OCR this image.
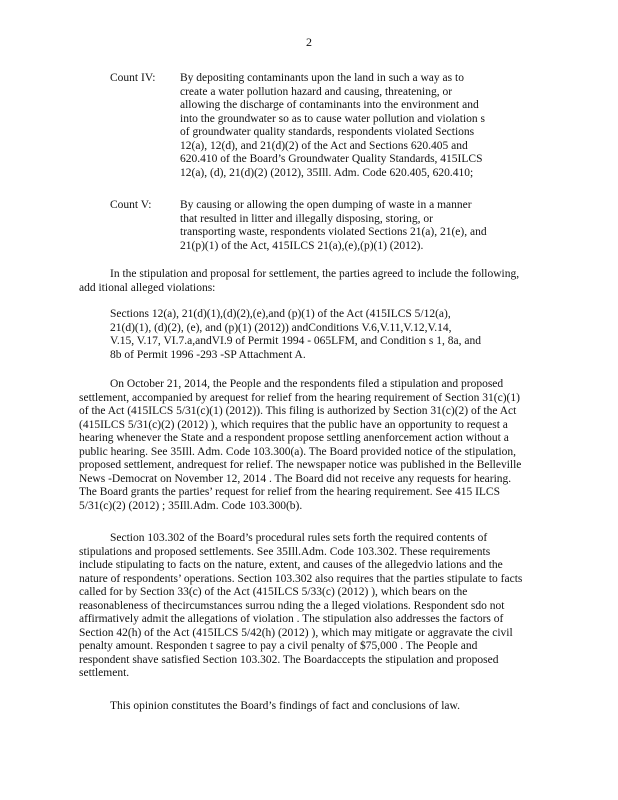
2
Count IV:	By depositing contaminants upon the land in such a way as to
create a water pollution hazard and causing, threatening, or
allowing the discharge of contaminants into the environment and
into the groundwater so as to cause water pollution and violation s
of groundwater quality standards, respondents violated Sections
12(a), 12(d), and 21(d)(2) of the Act and Sections 620.405 and
620.410 of the Board’s Groundwater Quality Standards, 415ILCS
12(a), (d), 21(d)(2) (2012), 35Ill. Adm. Code 620.405, 620.410;
Count V:	By causing or allowing the open dumping of waste in a manner
that resulted in litter and illegally disposing, storing, or
transporting waste, respondents violated Sections 21(a), 21(e), and
21(p)(1) of the Act, 415ILCS 21(a),(e),(p)(1) (2012).
In the stipulation and proposal for settlement, the parties agreed to include the following,
add itional alleged violations:
Sections 12(a), 21(d)(1),(d)(2),(e),and (p)(1) of the Act (415ILCS 5/12(a),
21(d)(1), (d)(2), (e), and (p)(1) (2012)) andConditions V.6,V.11,V.12,V.14,
V.15, V.17, VI.7.a,andVI.9 of Permit 1994 - 065LFM, and Condition s 1, 8a, and
8b of Permit 1996 -293 -SP Attachment A.
On October 21, 2014, the People and the respondents filed a stipulation and proposed
settlement, accompanied by arequest for relief from the hearing requirement of Section 31(c)(1)
of the Act (415ILCS 5/31(c)(1) (2012)). This filing is authorized by Section 31(c)(2) of the Act
(415ILCS 5/31(c)(2) (2012) ), which requires that the public have an opportunity to request a
hearing whenever the State and a respondent propose settling anenforcement action without a
public hearing. See 35Ill. Adm. Code 103.300(a). The Board provided notice of the stipulation,
proposed settlement, andrequest for relief. The newspaper notice was published in the Belleville
News -Democrat on November 12, 2014 . The Board did not receive any requests for hearing.
The Board grants the parties’ request for relief from the hearing requirement. See 415 ILCS
5/31(c)(2) (2012) ; 35Ill.Adm. Code 103.300(b).
Section 103.302 of the Board’s procedural rules sets forth the required contents of
stipulations and proposed settlements. See 35Ill.Adm. Code 103.302. These requirements
include stipulating to facts on the nature, extent, and causes of the allegedvio lations and the
nature of respondents’ operations. Section 103.302 also requires that the parties stipulate to facts
called for by Section 33(c) of the Act (415ILCS 5/33(c) (2012) ), which bears on the
reasonableness of thecircumstances surrou nding the a lleged violations. Respondent sdo not
affirmatively admit the allegations of violation . The stipulation also addresses the factors of
Section 42(h) of the Act (415ILCS 5/42(h) (2012) ), which may mitigate or aggravate the civil
penalty amount. Responden t sagree to pay a civil penalty of $75,000 . The People and
respondent shave satisfied Section 103.302. The Boardaccepts the stipulation and proposed
settlement.
This opinion constitutes the Board’s findings of fact and conclusions of law.
